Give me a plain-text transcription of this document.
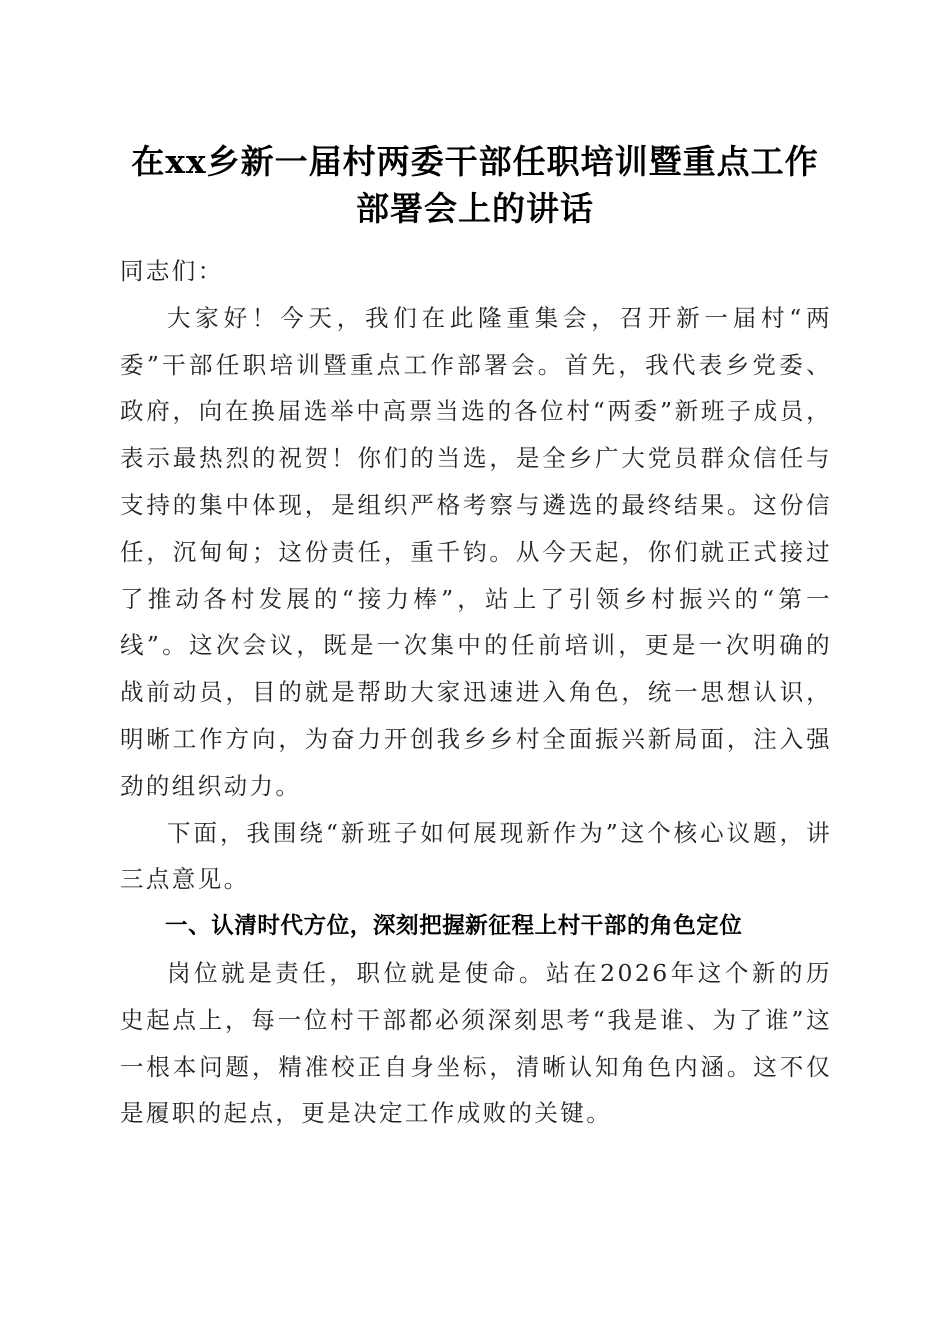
在xx乡新一届村两委干部任职培训暨重点工作部署会上的讲话

同志们：

大家好！今天，我们在此隆重集会，召开新一届村“两委”干部任职培训暨重点工作部署会。首先，我代表乡党委、政府，向在换届选举中高票当选的各位村“两委”新班子成员，表示最热烈的祝贺！你们的当选，是全乡广大党员群众信任与支持的集中体现，是组织严格考察与遴选的最终结果。这份信任，沉甸甸；这份责任，重千钧。从今天起，你们就正式接过了推动各村发展的“接力棒”，站上了引领乡村振兴的“第一线”。这次会议，既是一次集中的任前培训，更是一次明确的战前动员，目的就是帮助大家迅速进入角色，统一思想认识，明晰工作方向，为奋力开创我乡乡村全面振兴新局面，注入强劲的组织动力。

下面，我围绕“新班子如何展现新作为”这个核心议题，讲三点意见。

一、认清时代方位，深刻把握新征程上村干部的角色定位

岗位就是责任，职位就是使命。站在2026年这个新的历史起点上，每一位村干部都必须深刻思考“我是谁、为了谁”这一根本问题，精准校正自身坐标，清晰认知角色内涵。这不仅是履职的起点，更是决定工作成败的关键。
